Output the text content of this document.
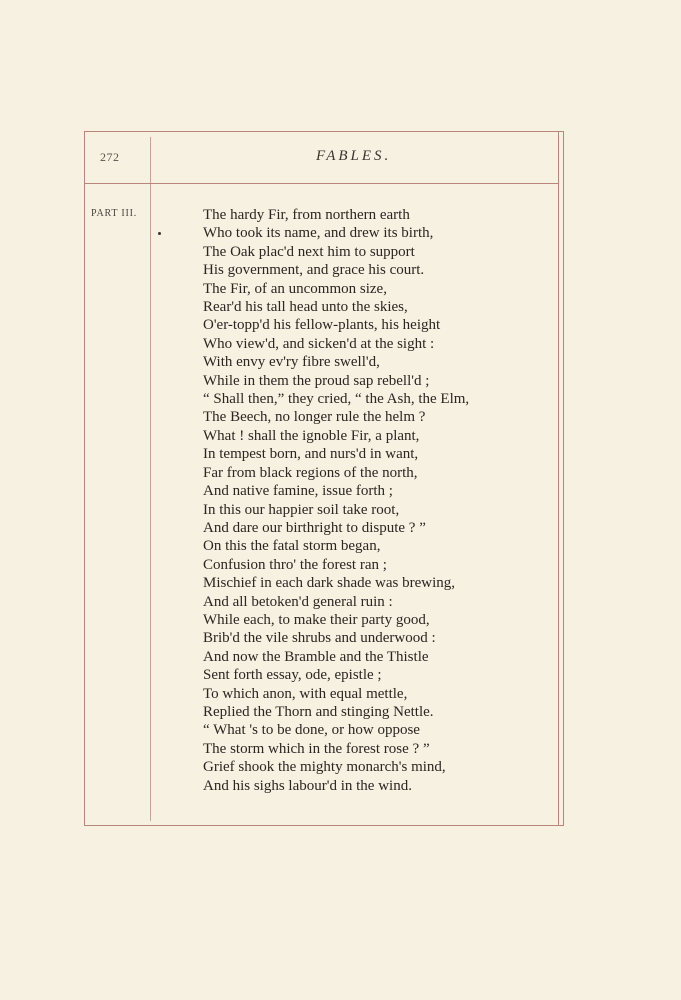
272	FABLES.
PART III.	The hardy Fir, from northern earth
Who took its name, and drew its birth,
The Oak plac'd next him to support
His government, and grace his court.
The Fir, of an uncommon size,
Rear'd his tall head unto the skies,
O'er-topp'd his fellow-plants, his height
Who view'd, and sicken'd at the sight :
With envy ev'ry fibre swell'd,
While in them the proud sap rebell'd ;
“ Shall then,” they cried, “ the Ash, the Elm,
The Beech, no longer rule the helm ?
What ! shall the ignoble Fir, a plant,
In tempest born, and nurs'd in want,
Far from black regions of the north,
And native famine, issue forth ;
In this our happier soil take root,
And dare our birthright to dispute ? ”
On this the fatal storm began,
Confusion thro' the forest ran ;
Mischief in each dark shade was brewing,
And all betoken'd general ruin :
While each, to make their party good,
Brib'd the vile shrubs and underwood :
And now the Bramble and the Thistle
Sent forth essay, ode, epistle ;
To which anon, with equal mettle,
Replied the Thorn and stinging Nettle.
“ What 's to be done, or how oppose
The storm which in the forest rose ? ”
Grief shook the mighty monarch's mind,
And his sighs labour'd in the wind.
